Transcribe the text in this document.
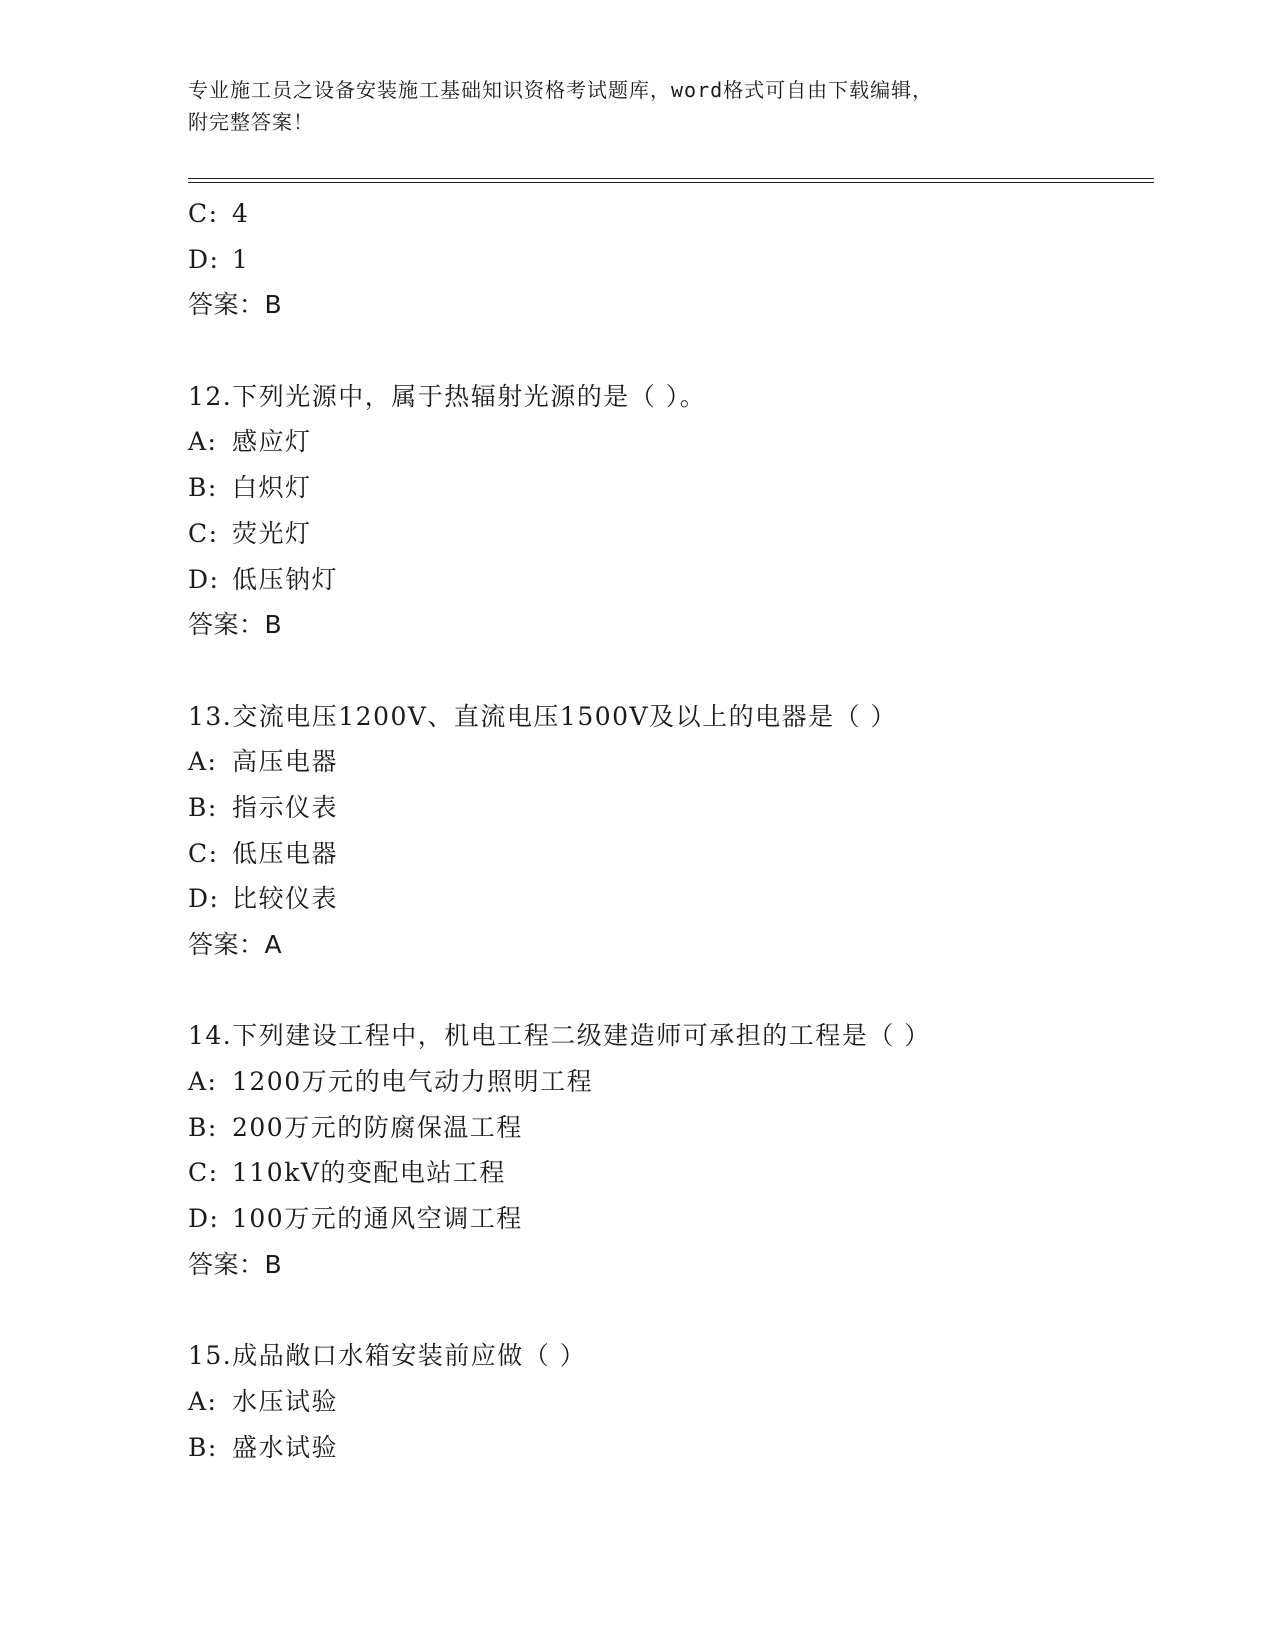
专业施工员之设备安装施工基础知识资格考试题库，word格式可自由下载编辑，
附完整答案！
C: 4
D: 1
答案：B
12.下列光源中，属于热辐射光源的是（ ）。
A: 感应灯
B: 白炽灯
C: 荧光灯
D: 低压钠灯
答案：B
13.交流电压1200V、直流电压1500V及以上的电器是（ ）
A: 高压电器
B: 指示仪表
C: 低压电器
D: 比较仪表
答案：A
14.下列建设工程中，机电工程二级建造师可承担的工程是（ ）
A: 1200万元的电气动力照明工程
B: 200万元的防腐保温工程
C: 110kV的变配电站工程
D: 100万元的通风空调工程
答案：B
15.成品敞口水箱安装前应做（ ）
A: 水压试验
B: 盛水试验
